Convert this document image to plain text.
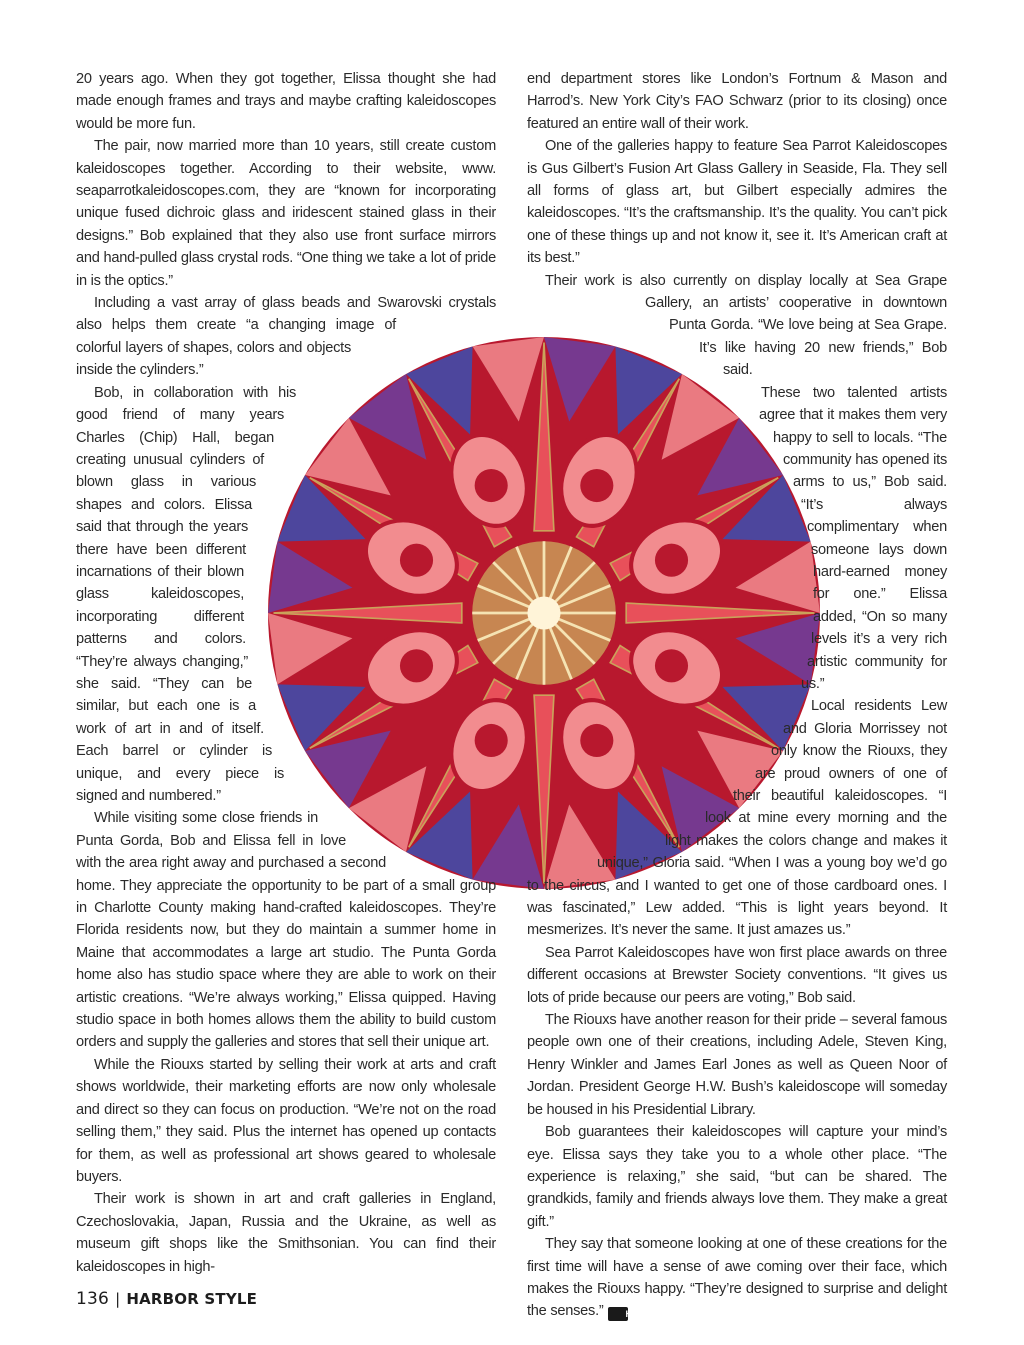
20 years ago. When they got together, Elissa thought she had made enough frames and trays and maybe crafting kaleidoscopes would be more fun.

The pair, now married more than 10 years, still create custom kaleidoscopes together. According to their website, www. seaparrotkaleidoscopes.com, they are “known for incorporating unique fused dichroic glass and iridescent stained glass in their designs.” Bob explained that they also use front surface mirrors and hand-pulled glass crystal rods. “One thing we take a lot of pride in is the optics.”

Including a vast array of glass beads and Swarovski crystals also helps them create “a changing image of colorful layers of shapes, colors and objects inside the cylinders.”

Bob, in collaboration with his good friend of many years Charles (Chip) Hall, began creating unusual cylinders of blown glass in various shapes and colors. Elissa said that through the years there have been different incarnations of their blown glass kaleidoscopes, incorporating different patterns and colors. “They’re always changing,” she said. “They can be similar, but each one is a work of art in and of itself. Each barrel or cylinder is unique, and every piece is signed and numbered.”

While visiting some close friends in Punta Gorda, Bob and Elissa fell in love with the area right away and purchased a second home. They appreciate the opportunity to be part of a small group in Charlotte County making hand-crafted kaleidoscopes. They’re Florida residents now, but they do maintain a summer home in Maine that accommodates a large art studio. The Punta Gorda home also has studio space where they are able to work on their artistic creations. “We’re always working,” Elissa quipped. Having studio space in both homes allows them the ability to build custom orders and supply the galleries and stores that sell their unique art.

While the Riouxs started by selling their work at arts and craft shows worldwide, their marketing efforts are now only wholesale and direct so they can focus on production. “We’re not on the road selling them,” they said. Plus the internet has opened up contacts for them, as well as professional art shows geared to wholesale buyers.

Their work is shown in art and craft galleries in England, Czechoslovakia, Japan, Russia and the Ukraine, as well as museum gift shops like the Smithsonian. You can find their kaleidoscopes in high-

end department stores like London’s Fortnum & Mason and Harrod’s. New York City’s FAO Schwarz (prior to its closing) once featured an entire wall of their work.

One of the galleries happy to feature Sea Parrot Kaleidoscopes is Gus Gilbert’s Fusion Art Glass Gallery in Seaside, Fla. They sell all forms of glass art, but Gilbert especially admires the kaleidoscopes. “It’s the craftsmanship. It’s the quality. You can’t pick one of these things up and not know it, see it. It’s American craft at its best.”

Their work is also currently on display locally at Sea Grape Gallery, an artists’ cooperative in downtown Punta Gorda. “We love being at Sea Grape. It’s like having 20 new friends,” Bob said.

These two talented artists agree that it makes them very happy to sell to locals. “The community has opened its arms to us,” Bob said. “It’s always complimentary when someone lays down hard-earned money for one.” Elissa added, “On so many levels it’s a very rich artistic community for us.”

Local residents Lew and Gloria Morrissey not only know the Riouxs, they are proud owners of one of their beautiful kaleidoscopes. “I look at mine every morning and the light makes the colors change and makes it unique,” Gloria said. “When I was a young boy we’d go to the circus, and I wanted to get one of those cardboard ones. I was fascinated,” Lew added. “This is light years beyond. It mesmerizes. It’s never the same. It just amazes us.”

Sea Parrot Kaleidoscopes have won first place awards on three different occasions at Brewster Society conventions. “It gives us lots of pride because our peers are voting,” Bob said.

The Riouxs have another reason for their pride – several famous people own one of their creations, including Adele, Steven King, Henry Winkler and James Earl Jones as well as Queen Noor of Jordan. President George H.W. Bush’s kaleidoscope will someday be housed in his Presidential Library.

Bob guarantees their kaleidoscopes will capture your mind’s eye. Elissa says they take you to a whole other place. “The experience is relaxing,” she said, “but can be shared. The grandkids, family and friends always love them. They make a great gift.”

They say that someone looking at one of these creations for the first time will have a sense of awe coming over their face, which makes the Riouxs happy. “They’re designed to surprise and delight the senses.” HS

136 | HARBOR STYLE
